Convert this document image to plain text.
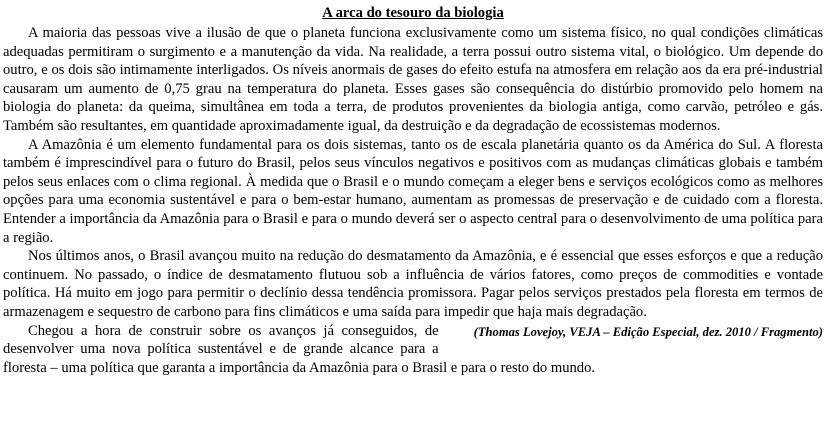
A arca do tesouro da biologia

A maioria das pessoas vive a ilusão de que o planeta funciona exclusivamente como um sistema físico, no qual condições climáticas adequadas permitiram o surgimento e a manutenção da vida. Na realidade, a terra possui outro sistema vital, o biológico. Um depende do outro, e os dois são intimamente interligados. Os níveis anormais de gases do efeito estufa na atmosfera em relação aos da era pré-industrial causaram um aumento de 0,75 grau na temperatura do planeta. Esses gases são consequência do distúrbio promovido pelo homem na biologia do planeta: da queima, simultânea em toda a terra, de produtos provenientes da biologia antiga, como carvão, petróleo e gás. Também são resultantes, em quantidade aproximadamente igual, da destruição e da degradação de ecossistemas modernos.

A Amazônia é um elemento fundamental para os dois sistemas, tanto os de escala planetária quanto os da América do Sul. A floresta também é imprescindível para o futuro do Brasil, pelos seus vínculos negativos e positivos com as mudanças climáticas globais e também pelos seus enlaces com o clima regional. À medida que o Brasil e o mundo começam a eleger bens e serviços ecológicos como as melhores opções para uma economia sustentável e para o bem-estar humano, aumentam as promessas de preservação e de cuidado com a floresta. Entender a importância da Amazônia para o Brasil e para o mundo deverá ser o aspecto central para o desenvolvimento de uma política para a região.

Nos últimos anos, o Brasil avançou muito na redução do desmatamento da Amazônia, e é essencial que esses esforços e que a redução continuem. No passado, o índice de desmatamento flutuou sob a influência de vários fatores, como preços de commodities e vontade política. Há muito em jogo para permitir o declínio dessa tendência promissora. Pagar pelos serviços prestados pela floresta em termos de armazenagem e sequestro de carbono para fins climáticos e uma saída para impedir que haja mais degradação.

(Thomas Lovejoy, VEJA – Edição Especial, dez. 2010 / Fragmento)
Chegou a hora de construir sobre os avanços já conseguidos, de desenvolver uma nova política sustentável e de grande alcance para a floresta – uma política que garanta a importância da Amazônia para o Brasil e para o resto do mundo.
